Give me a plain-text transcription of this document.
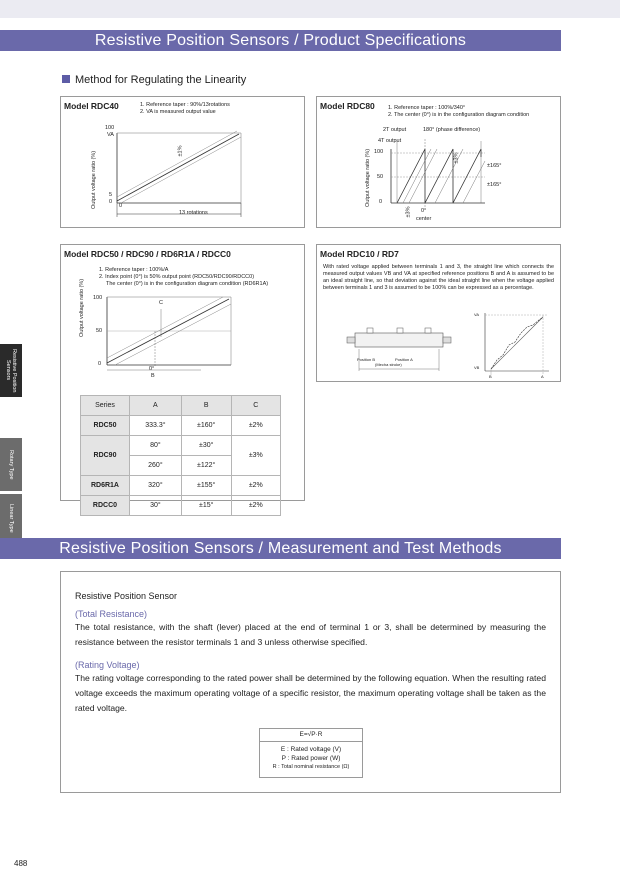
Resistive Position Sensors / Product Specifications
Method for Regulating the Linearity
Model RDC40	1. Reference taper : 90%/13rotations
2. VA is measured output value
Output voltage ratio (%)
100
VA
5
0
0
±1%
13 rotations
Model RDC80 1. Reference taper : 100%/340°
2. The center (0°) is in the configuration diagram condition
Output voltage ratio (%)
2T output
4T output
180° (phase difference)
100
50
0
±3%
±3%
±165°
±165°
0°
center
Model RDC50 / RDC90 / RD6R1A / RDCC0
1. Reference taper : 100%/A
2. Index point (0°) is 50% output point (RDC50/RDC90/RDCC0)
The center (0°) is in the configuration diagram condition (RD6R1A)
Output voltage ratio (%) 100
50
0
C
0°
B
Series	A	B	C
RDC50	333.3°	±160°	±2%
RDC90	80°	±30°	±3%
	260°	±122°	
RD6R1A	320°	±155°	±2%
RDCC0	30°	±15°	±2%
Model RDC10 / RD7
With rated voltage applied between terminals 1 and 3, the straight line which connects the measured output values VB and VA at specified reference positions B and A is assumed to be an ideal straight line, so that deviation against the ideal straight line when the voltage applied between terminals 1 and 3 is assumed to be 100% can be expressed as a percentage.
Position B	Position A
(Mecha stroke)
VA
VB
B	A
Resistive Position Sensors
Rotary Type
Linear Type
Resistive Position Sensors / Measurement and Test Methods
Resistive Position Sensor
(Total Resistance)
The total resistance, with the shaft (lever) placed at the end of terminal 1 or 3, shall be determined by measuring the resistance between the resistor terminals 1 and 3 unless otherwise specified.
(Rating Voltage)
The rating voltage corresponding to the rated power shall be determined by the following equation. When the resulting rated voltage exceeds the maximum operating voltage of a specific resistor, the maximum operating voltage shall be taken as the rated voltage.
E=√P·R
E : Rated voltage (V)
P : Rated power (W)
R : Total nominal resistance (Ω)
488
